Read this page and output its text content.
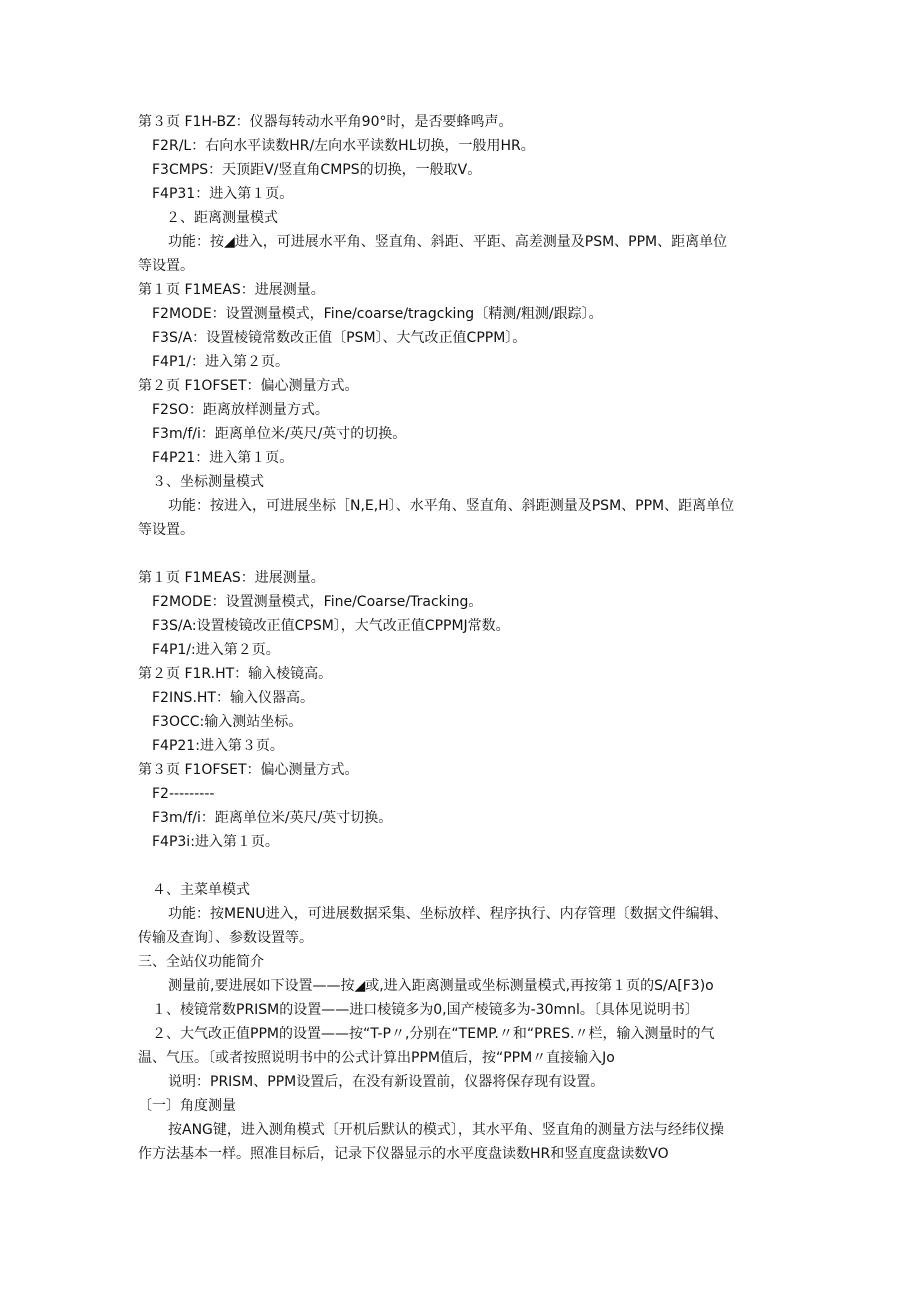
第３页 F1H-BZ：仪器每转动水平角90°时，是否要蜂鸣声。
F2R/L：右向水平读数HR/左向水平读数HL切换，一般用HR。
F3CMPS：天顶距V/竖直角CMPS的切换，一般取V。
F4P31：进入第１页。
２、距离测量模式
功能：按◢进入，可进展水平角、竖直角、斜距、平距、高差测量及PSM、PPM、距离单位
等设置。
第１页 F1MEAS：进展测量。
F2MODE：设置测量模式，Fine/coarse/tragcking〔精测/粗测/跟踪〕。
F3S/A：设置棱镜常数改正值〔PSM〕、大气改正值CPPM〕。
F4P1/：进入第２页。
第２页 F1OFSET：偏心测量方式。
F2SO：距离放样测量方式。
F3m/f/i：距离单位米/英尺/英寸的切换。
F4P21：进入第１页。
３、坐标测量模式
功能：按进入，可进展坐标［N,E,H〕、水平角、竖直角、斜距测量及PSM、PPM、距离单位
等设置。
第１页 F1MEAS：进展测量。
F2MODE：设置测量模式，Fine/Coarse/Tracking。
F3S/A:设置棱镜改正值CPSM〕，大气改正值CPPMJ常数。
F4P1/:进入第２页。
第２页 F1R.HT：输入棱镜高。
F2INS.HT：输入仪器高。
F3OCC:输入测站坐标。
F4P21:进入第３页。
第３页 F1OFSET：偏心测量方式。
F2---------
F3m/f/i：距离单位米/英尺/英寸切换。
F4P3i:进入第１页。
４、主菜单模式
功能：按MENU进入，可进展数据采集、坐标放样、程序执行、内存管理〔数据文件编辑、
传输及查询〕、参数设置等。
三、全站仪功能简介
测量前,要进展如下设置——按◢或,进入距离测量或坐标测量模式,再按第１页的S/A[F3)o
１、棱镜常数PRISM的设置——进口棱镜多为0,国产棱镜多为-30mnl。〔具体见说明书〕
２、大气改正值PPM的设置——按“T-P〃,分别在“TEMP.〃和“PRES.〃栏，输入测量时的气
温、气压。〔或者按照说明书中的公式计算出PPM值后，按“PPM〃直接输入Jo
说明：PRISM、PPM设置后，在没有新设置前，仪器将保存现有设置。
〔一〕角度测量
按ANG键，进入测角模式〔开机后默认的模式〕，其水平角、竖直角的测量方法与经纬仪操
作方法基本一样。照准目标后，记录下仪器显示的水平度盘读数HR和竖直度盘读数VO
